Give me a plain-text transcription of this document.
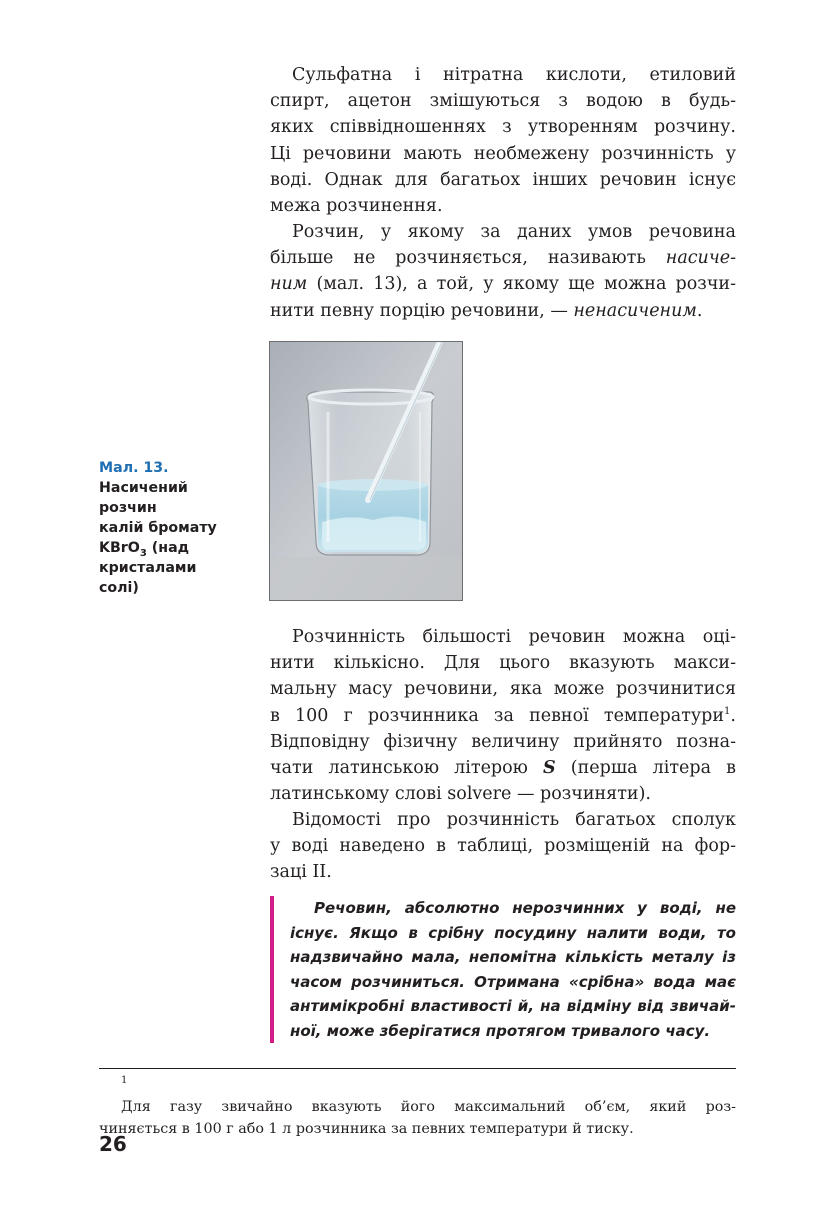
Сульфатна і нітратна кислоти, етиловий
спирт, ацетон змішуються з водою в будь-
яких співвідношеннях з утворенням розчину.
Ці речовини мають необмежену розчинність у
воді. Однак для багатьох інших речовин існує
межа розчинення.
Розчин, у якому за даних умов речовина
більше не розчиняється, називають насиче-
ним (мал. 13), а той, у якому ще можна розчи-
нити певну порцію речовини, — ненасиченим.
Мал. 13.
Насичений
розчин
калій бромату
KBrO$_3$ (над
кристалами
солі)
Розчинність більшості речовин можна оці-
нити кількісно. Для цього вказують макси-
мальну масу речовини, яка може розчинитися
в 100 г розчинника за певної температури$^1$.
Відповідну фізичну величину прийнято позна-
чати латинською літерою S (перша літера в
латинському слові solvere — розчиняти).
Відомості про розчинність багатьох сполук
у воді наведено в таблиці, розміщеній на фор-
заці ІІ.
Речовин, абсолютно нерозчинних у воді, не
існує. Якщо в срібну посудину налити води, то
надзвичайно мала, непомітна кількість металу із
часом розчиниться. Отримана «срібна» вода має
антимікробні властивості й, на відміну від звичай-
ної, може зберігатися протягом тривалого часу.
$^1$
Для газу звичайно вказують його максимальний об’єм, який роз-
чиняється в 100 г або 1 л розчинника за певних температури й тиску.
26
